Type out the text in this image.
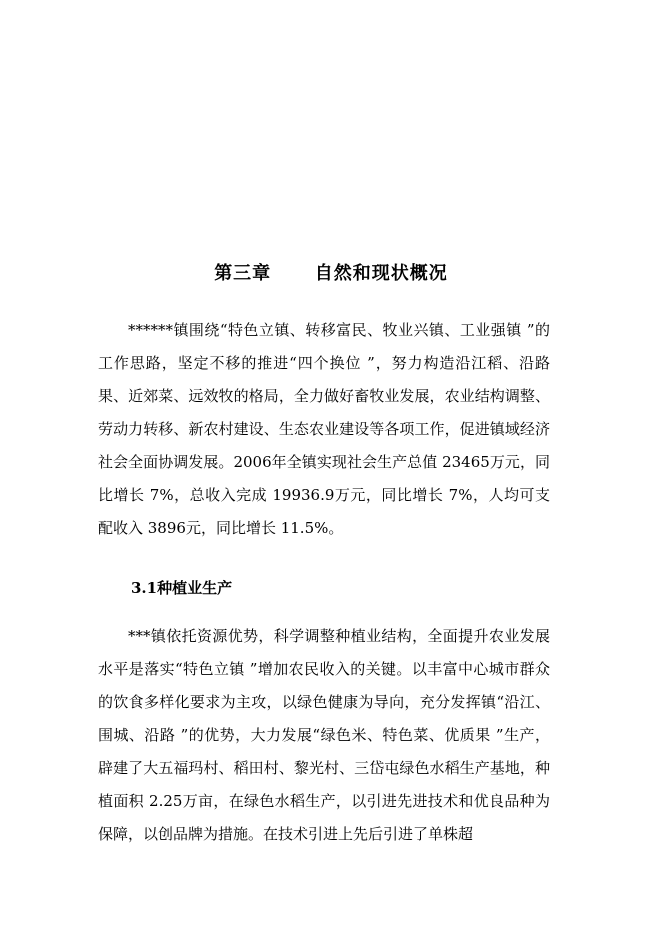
第三章      自然和现状概况

******镇围绕“特色立镇、转移富民、牧业兴镇、工业强镇 ”的工作思路，坚定不移的推进“四个换位 ”，努力构造沿江稻、沿路果、近郊菜、远效牧的格局，全力做好畜牧业发展，农业结构调整、劳动力转移、新农村建设、生态农业建设等各项工作，促进镇域经济社会全面协调发展。2006年全镇实现社会生产总值 23465万元，同比增长 7%，总收入完成 19936.9万元，同比增长 7%，人均可支配收入 3896元，同比增长 11.5%。

3.1种植业生产

***镇依托资源优势，科学调整种植业结构，全面提升农业发展水平是落实“特色立镇 ”增加农民收入的关键。以丰富中心城市群众的饮食多样化要求为主攻，以绿色健康为导向，充分发挥镇“沿江、围城、沿路 ”的优势，大力发展“绿色米、特色菜、优质果 ”生产，辟建了大五福玛村、稻田村、黎光村、三岱屯绿色水稻生产基地，种植面积 2.25万亩，在绿色水稻生产，以引进先进技术和优良品种为保障，以创品牌为措施。在技术引进上先后引进了单株超
